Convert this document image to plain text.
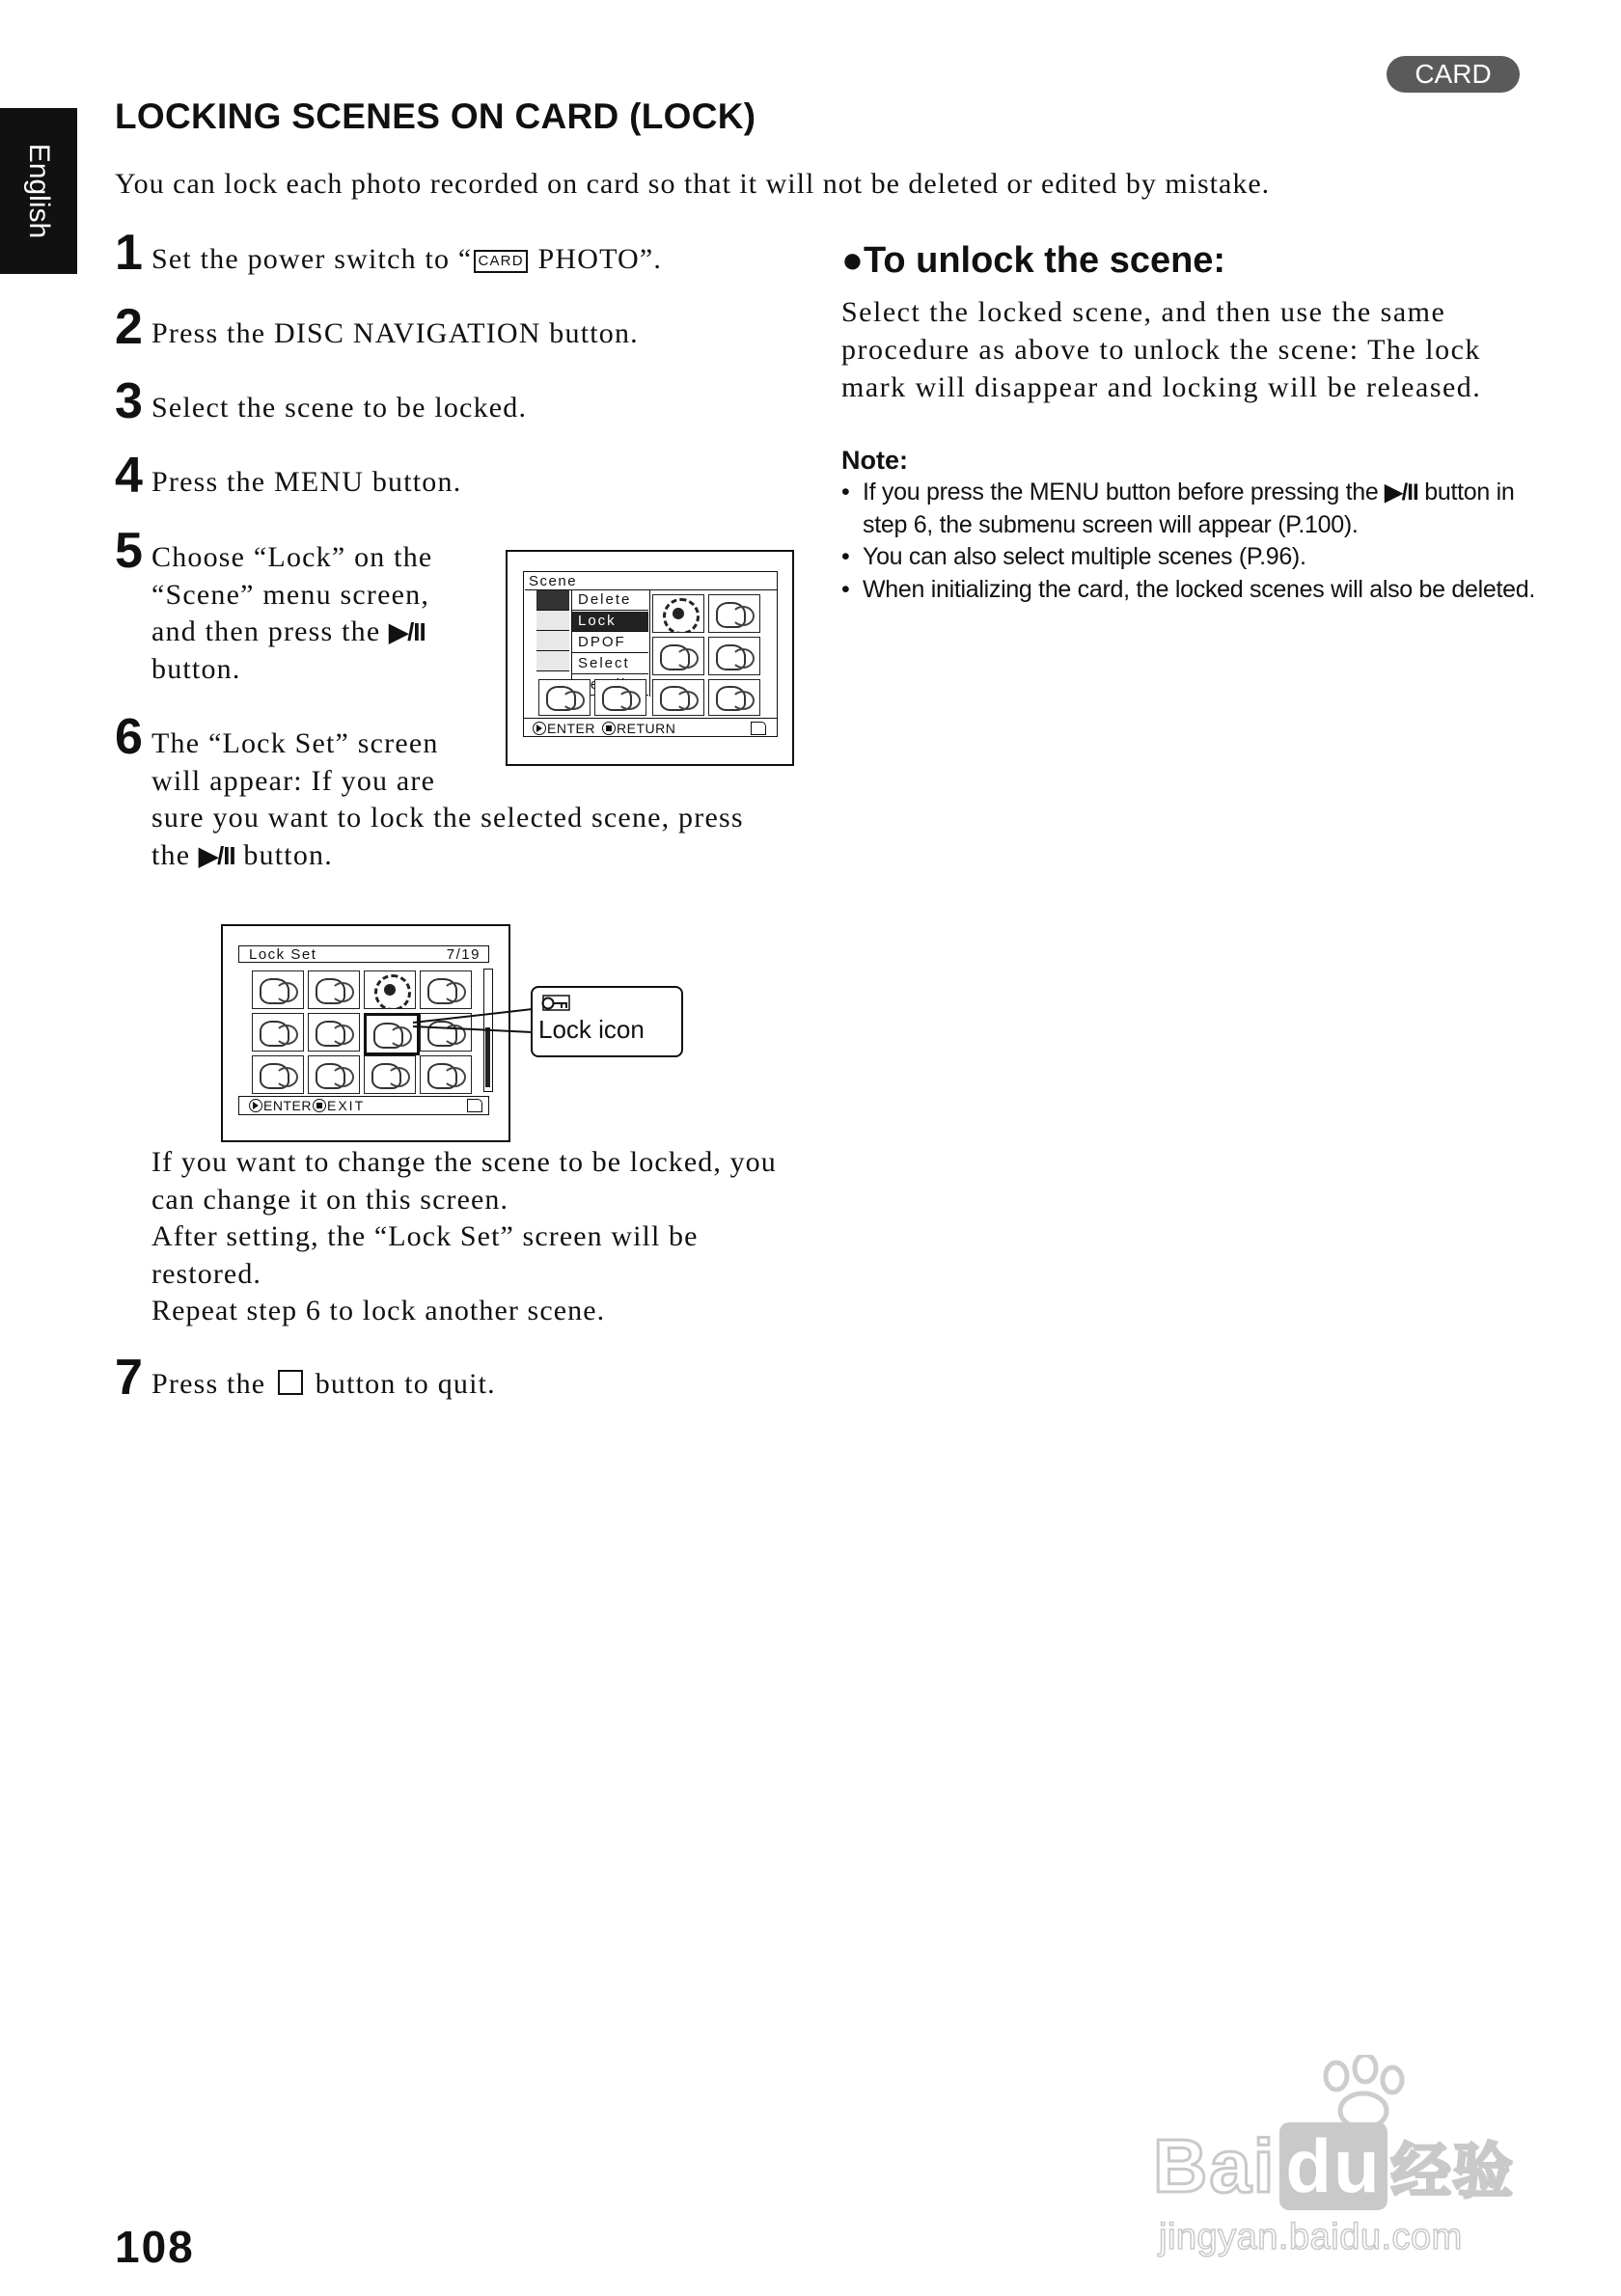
English
CARD
LOCKING SCENES ON CARD (LOCK)

You can lock each photo recorded on card so that it will not be deleted or edited by mistake.

1 Set the power switch to “ CARD PHOTO”.
2 Press the DISC NAVIGATION button.
3 Select the scene to be locked.
4 Press the MENU button.
5 Choose “Lock” on the
“Scene” menu screen,
and then press the ▶/II
button.
Scene
Delete
Lock
DPOF
Select
ENTER	RETURN
6 The “Lock Set” screen
will appear: If you are
sure you want to lock the selected scene, press
the ▶/II button.
Lock Set	7/19
ENTER	EXIT
Lock icon
If you want to change the scene to be locked, you
can change it on this screen.
After setting, the “Lock Set” screen will be
restored.
Repeat step 6 to lock another scene.
7 Press the button to quit.
●To unlock the scene:

Select the locked scene, and then use the same procedure as above to unlock the scene: The lock mark will disappear and locking will be released.

Note:
• If you press the MENU button before pressing the ▶/II button in step 6, the submenu screen will appear (P.100).
• You can also select multiple scenes (P.96).
• When initializing the card, the locked scenes will also be deleted.
108
Bai du 经验
jingyan.baidu.com
